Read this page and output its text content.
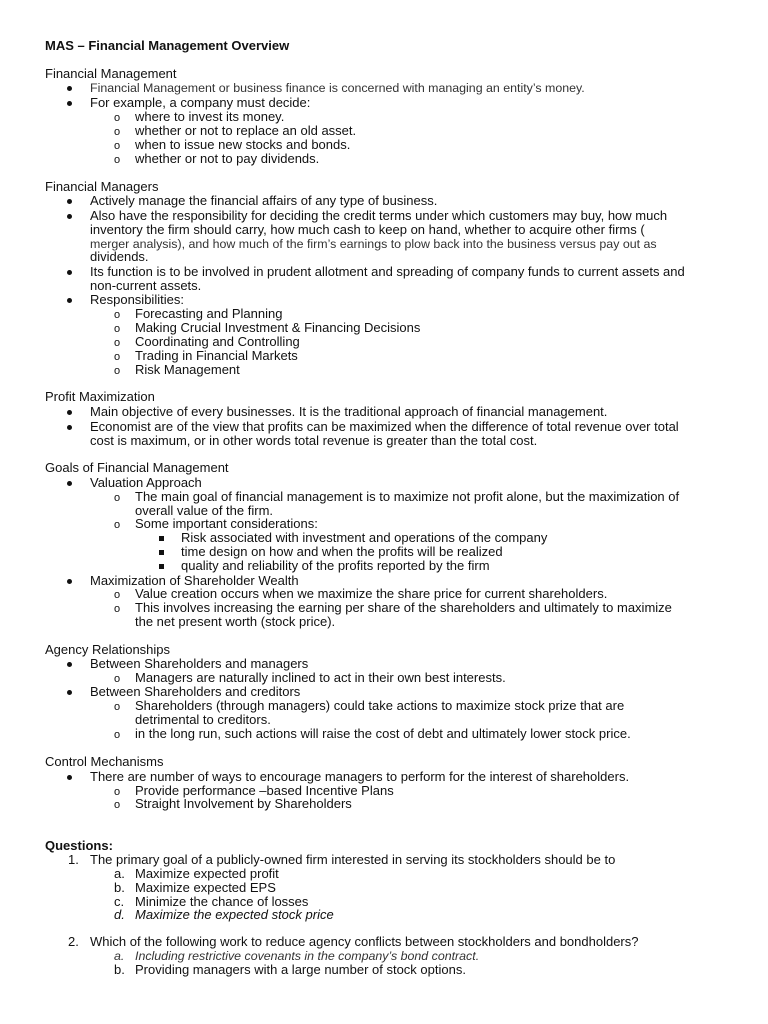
MAS – Financial Management Overview
Financial Management
Financial Management or business finance is concerned with managing an entity’s money.
For example, a company must decide:
o
where to invest its money.
o
whether or not to replace an old asset.
o
when to issue new stocks and bonds.
o
whether or not to pay dividends.
Financial Managers
Actively manage the financial affairs of any type of business.
Also have the responsibility for deciding the credit terms under which customers may buy, how much
inventory the firm should carry, how much cash to keep on hand, whether to acquire other firms (
merger analysis), and how much of the firm’s earnings to plow back into the business versus pay out as
dividends.
Its function is to be involved in prudent allotment and spreading of company funds to current assets and
non-current assets.
Responsibilities:
o
Forecasting and Planning
o
Making Crucial Investment & Financing Decisions
o
Coordinating and Controlling
o
Trading in Financial Markets
o
Risk Management
Profit Maximization
Main objective of every businesses. It is the traditional approach of financial management.
Economist are of the view that profits can be maximized when the difference of total revenue over total
cost is maximum, or in other words total revenue is greater than the total cost.
Goals of Financial Management
Valuation Approach
o
The main goal of financial management is to maximize not profit alone, but the maximization of
overall value of the firm.
o
Some important considerations:
Risk associated with investment and operations of the company
time design on how and when the profits will be realized
quality and reliability of the profits reported by the firm
Maximization of Shareholder Wealth
o
Value creation occurs when we maximize the share price for current shareholders.
o
This involves increasing the earning per share of the shareholders and ultimately to maximize
the net present worth (stock price).
Agency Relationships
Between Shareholders and managers
o
Managers are naturally inclined to act in their own best interests.
Between Shareholders and creditors
o
Shareholders (through managers) could take actions to maximize stock prize that are
detrimental to creditors.
o
in the long run, such actions will raise the cost of debt and ultimately lower stock price.
Control Mechanisms
There are number of ways to encourage managers to perform for the interest of shareholders.
o
Provide performance –based Incentive Plans
o
Straight Involvement by Shareholders
Questions:
1. The primary goal of a publicly-owned firm interested in serving its stockholders should be to
a. Maximize expected profit
b. Maximize expected EPS
c. Minimize the chance of losses
d. Maximize the expected stock price
2. Which of the following work to reduce agency conflicts between stockholders and bondholders?
a. Including restrictive covenants in the company’s bond contract.
b. Providing managers with a large number of stock options.
